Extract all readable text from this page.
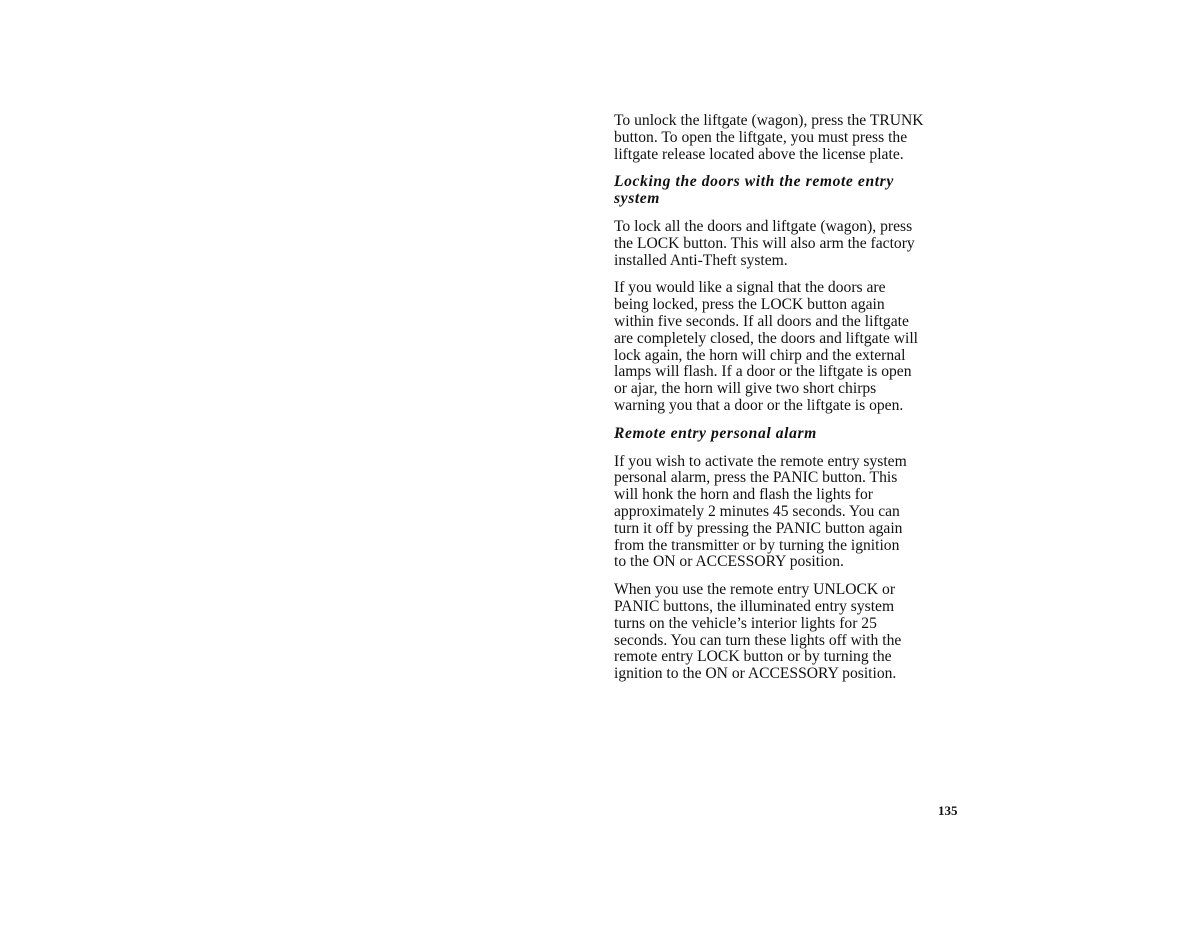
To unlock the liftgate (wagon), press the TRUNK
button. To open the liftgate, you must press the
liftgate release located above the license plate.

Locking the doors with the remote entry
system

To lock all the doors and liftgate (wagon), press
the LOCK button. This will also arm the factory
installed Anti-Theft system.

If you would like a signal that the doors are
being locked, press the LOCK button again
within five seconds. If all doors and the liftgate
are completely closed, the doors and liftgate will
lock again, the horn will chirp and the external
lamps will flash. If a door or the liftgate is open
or ajar, the horn will give two short chirps
warning you that a door or the liftgate is open.

Remote entry personal alarm

If you wish to activate the remote entry system
personal alarm, press the PANIC button. This
will honk the horn and flash the lights for
approximately 2 minutes 45 seconds. You can
turn it off by pressing the PANIC button again
from the transmitter or by turning the ignition
to the ON or ACCESSORY position.

When you use the remote entry UNLOCK or
PANIC buttons, the illuminated entry system
turns on the vehicle’s interior lights for 25
seconds. You can turn these lights off with the
remote entry LOCK button or by turning the
ignition to the ON or ACCESSORY position.

135
